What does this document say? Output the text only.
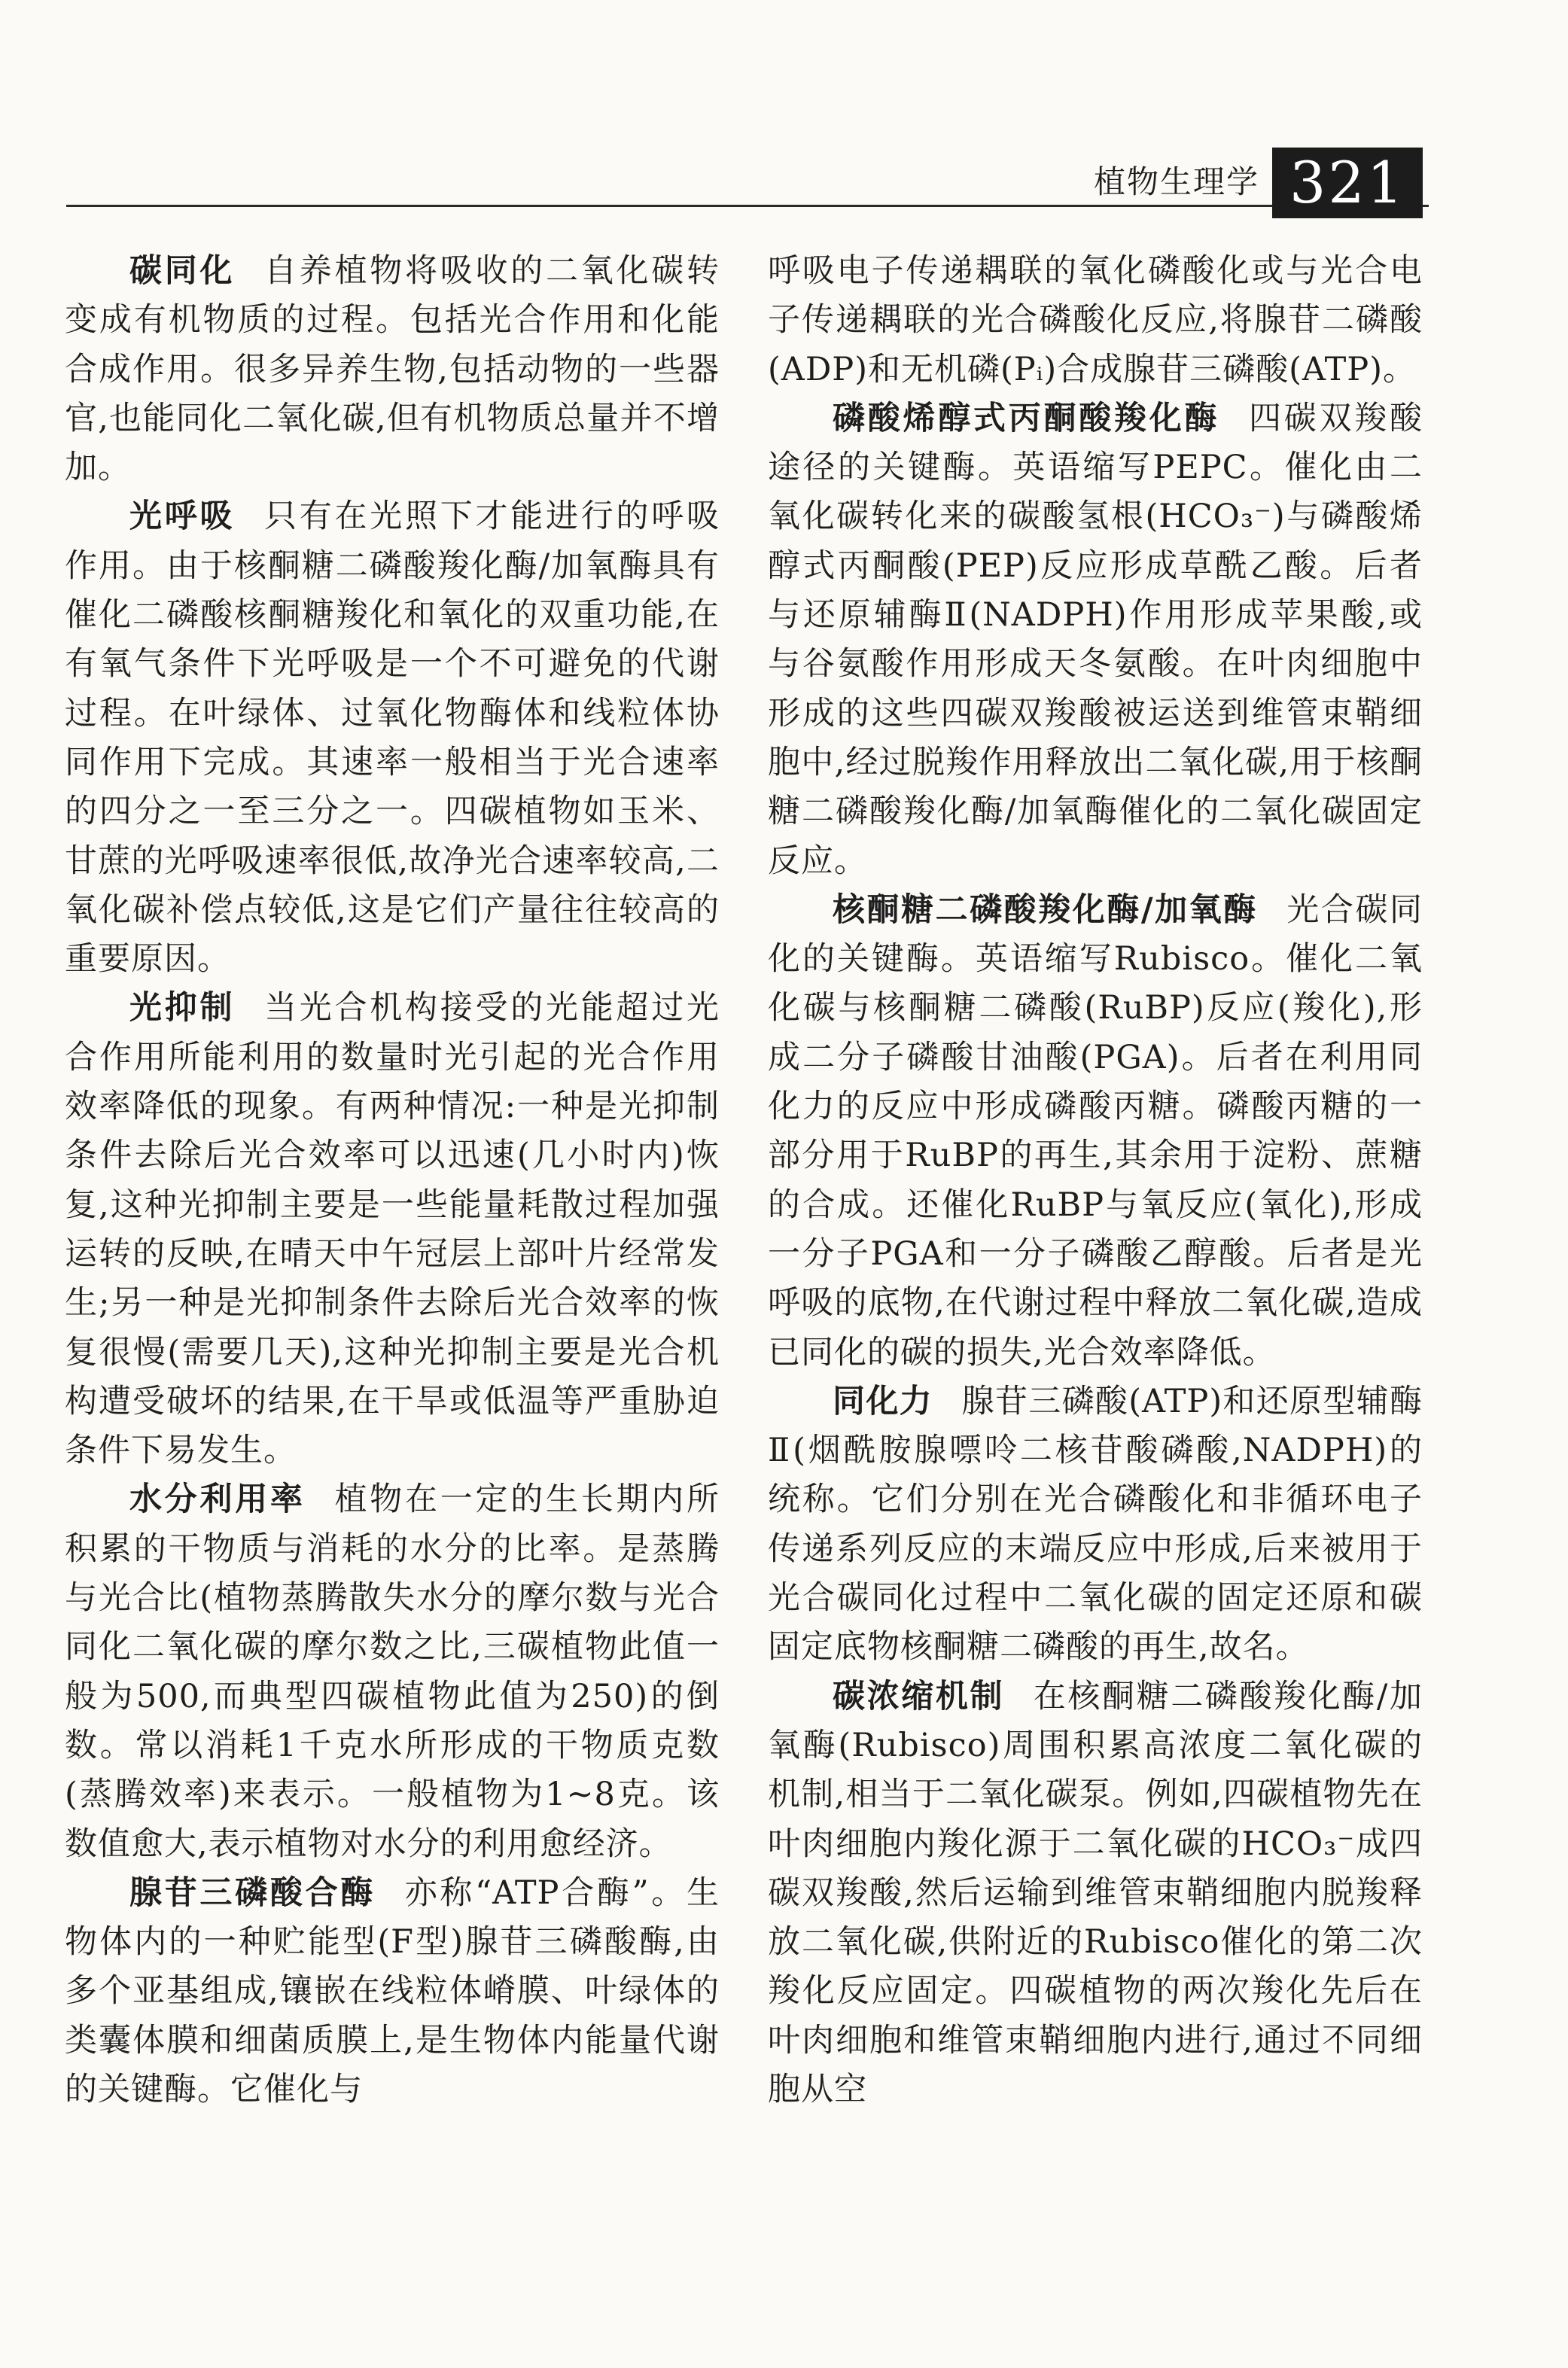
植物生理学 321

碳同化 自养植物将吸收的二氧化碳转变成有机物质的过程。包括光合作用和化能合成作用。很多异养生物,包括动物的一些器官,也能同化二氧化碳,但有机物质总量并不增加。

光呼吸 只有在光照下才能进行的呼吸作用。由于核酮糖二磷酸羧化酶/加氧酶具有催化二磷酸核酮糖羧化和氧化的双重功能,在有氧气条件下光呼吸是一个不可避免的代谢过程。在叶绿体、过氧化物酶体和线粒体协同作用下完成。其速率一般相当于光合速率的四分之一至三分之一。四碳植物如玉米、甘蔗的光呼吸速率很低,故净光合速率较高,二氧化碳补偿点较低,这是它们产量往往较高的重要原因。

光抑制 当光合机构接受的光能超过光合作用所能利用的数量时光引起的光合作用效率降低的现象。有两种情况:一种是光抑制条件去除后光合效率可以迅速(几小时内)恢复,这种光抑制主要是一些能量耗散过程加强运转的反映,在晴天中午冠层上部叶片经常发生;另一种是光抑制条件去除后光合效率的恢复很慢(需要几天),这种光抑制主要是光合机构遭受破坏的结果,在干旱或低温等严重胁迫条件下易发生。

水分利用率 植物在一定的生长期内所积累的干物质与消耗的水分的比率。是蒸腾与光合比(植物蒸腾散失水分的摩尔数与光合同化二氧化碳的摩尔数之比,三碳植物此值一般为500,而典型四碳植物此值为250)的倒数。常以消耗1千克水所形成的干物质克数(蒸腾效率)来表示。一般植物为1~8克。该数值愈大,表示植物对水分的利用愈经济。

腺苷三磷酸合酶 亦称“ATP合酶”。生物体内的一种贮能型(F型)腺苷三磷酸酶,由多个亚基组成,镶嵌在线粒体嵴膜、叶绿体的类囊体膜和细菌质膜上,是生物体内能量代谢的关键酶。它催化与

呼吸电子传递耦联的氧化磷酸化或与光合电子传递耦联的光合磷酸化反应,将腺苷二磷酸(ADP)和无机磷(Pᵢ)合成腺苷三磷酸(ATP)。

磷酸烯醇式丙酮酸羧化酶 四碳双羧酸途径的关键酶。英语缩写PEPC。催化由二氧化碳转化来的碳酸氢根(HCO₃⁻)与磷酸烯醇式丙酮酸(PEP)反应形成草酰乙酸。后者与还原辅酶Ⅱ(NADPH)作用形成苹果酸,或与谷氨酸作用形成天冬氨酸。在叶肉细胞中形成的这些四碳双羧酸被运送到维管束鞘细胞中,经过脱羧作用释放出二氧化碳,用于核酮糖二磷酸羧化酶/加氧酶催化的二氧化碳固定反应。

核酮糖二磷酸羧化酶/加氧酶 光合碳同化的关键酶。英语缩写Rubisco。催化二氧化碳与核酮糖二磷酸(RuBP)反应(羧化),形成二分子磷酸甘油酸(PGA)。后者在利用同化力的反应中形成磷酸丙糖。磷酸丙糖的一部分用于RuBP的再生,其余用于淀粉、蔗糖的合成。还催化RuBP与氧反应(氧化),形成一分子PGA和一分子磷酸乙醇酸。后者是光呼吸的底物,在代谢过程中释放二氧化碳,造成已同化的碳的损失,光合效率降低。

同化力 腺苷三磷酸(ATP)和还原型辅酶Ⅱ(烟酰胺腺嘌呤二核苷酸磷酸,NADPH)的统称。它们分别在光合磷酸化和非循环电子传递系列反应的末端反应中形成,后来被用于光合碳同化过程中二氧化碳的固定还原和碳固定底物核酮糖二磷酸的再生,故名。

碳浓缩机制 在核酮糖二磷酸羧化酶/加氧酶(Rubisco)周围积累高浓度二氧化碳的机制,相当于二氧化碳泵。例如,四碳植物先在叶肉细胞内羧化源于二氧化碳的HCO₃⁻成四碳双羧酸,然后运输到维管束鞘细胞内脱羧释放二氧化碳,供附近的Rubisco催化的第二次羧化反应固定。四碳植物的两次羧化先后在叶肉细胞和维管束鞘细胞内进行,通过不同细胞从空
